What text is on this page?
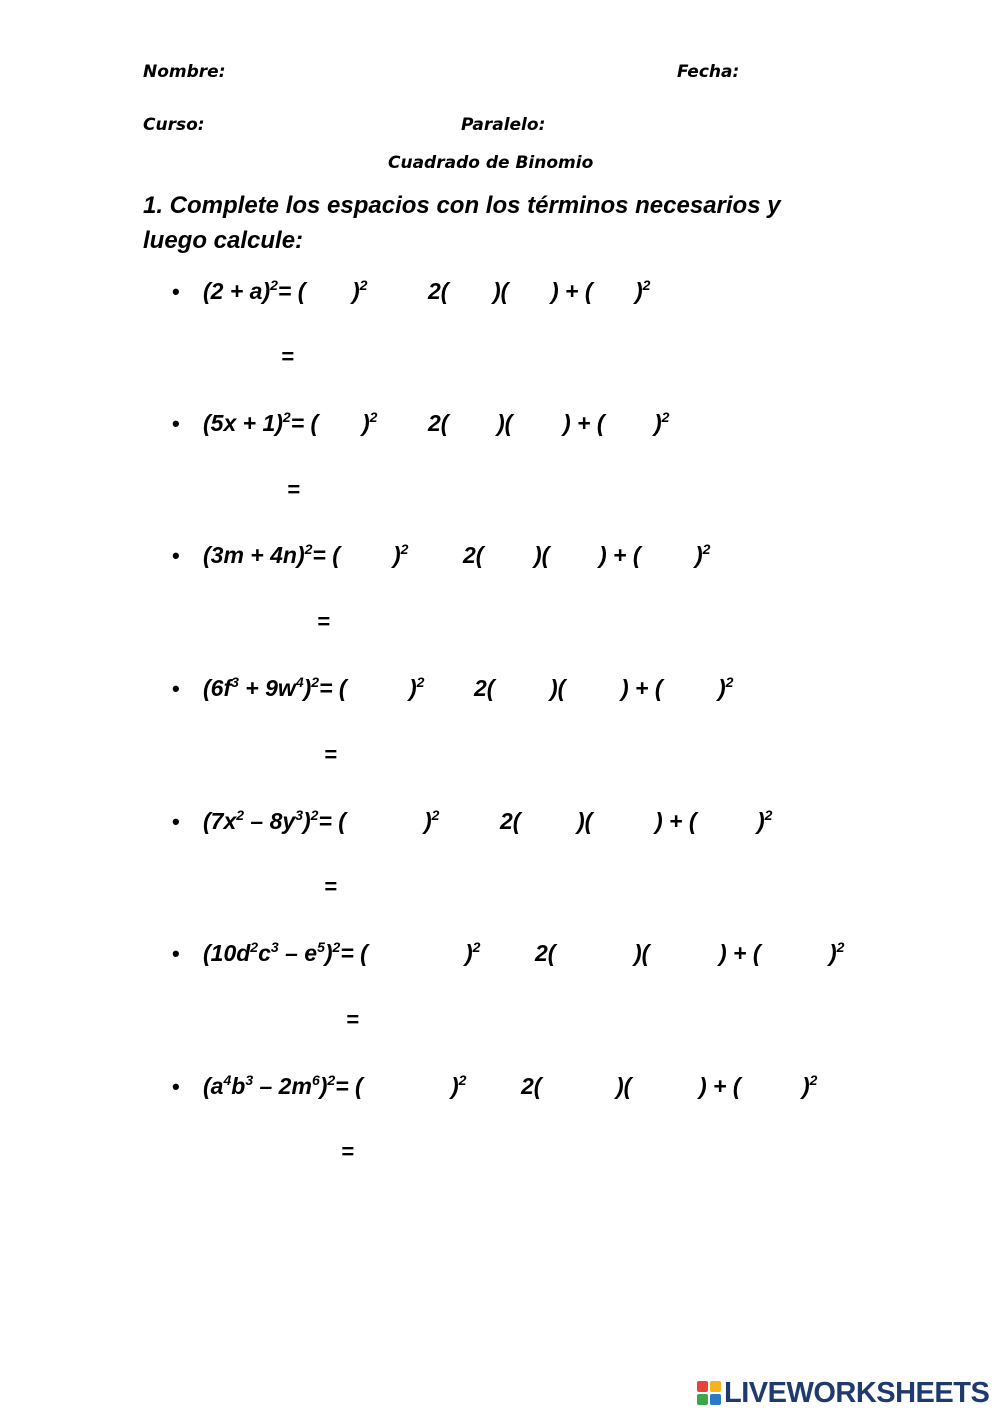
Nombre:	Fecha:
Curso:	Paralelo:
Cuadrado de Binomio
1. Complete los espacios con los términos necesarios y luego calcule:
• $(2 + a)^2=$ ( )$^2$	2( )( ) + ( )$^2$
=
• $(5x + 1)^2=$ ( )$^2$ 2( )( ) + ( )$^2$
=
• $(3m + 4n)^2=$ ( )$^2$ 2( )( ) + ( )$^2$
=
• $(6f^3 + 9w^4)^2=$ (	)$^2$ 2( )( ) + ( )$^2$
=
• $(7x^2 - 8y^3)^2=$ (	)$^2$	2( )(	) + (	)$^2$
=
• $(10d^2c^3 - e^5)^2=$ (	)$^2$ 2(	)(	) + (	)$^2$
=
• $(a^4b^3 - 2m^6)^2=$ (	)$^2$ 2(	)(	) + (	)$^2$
=
LIVEWORKSHEETS
